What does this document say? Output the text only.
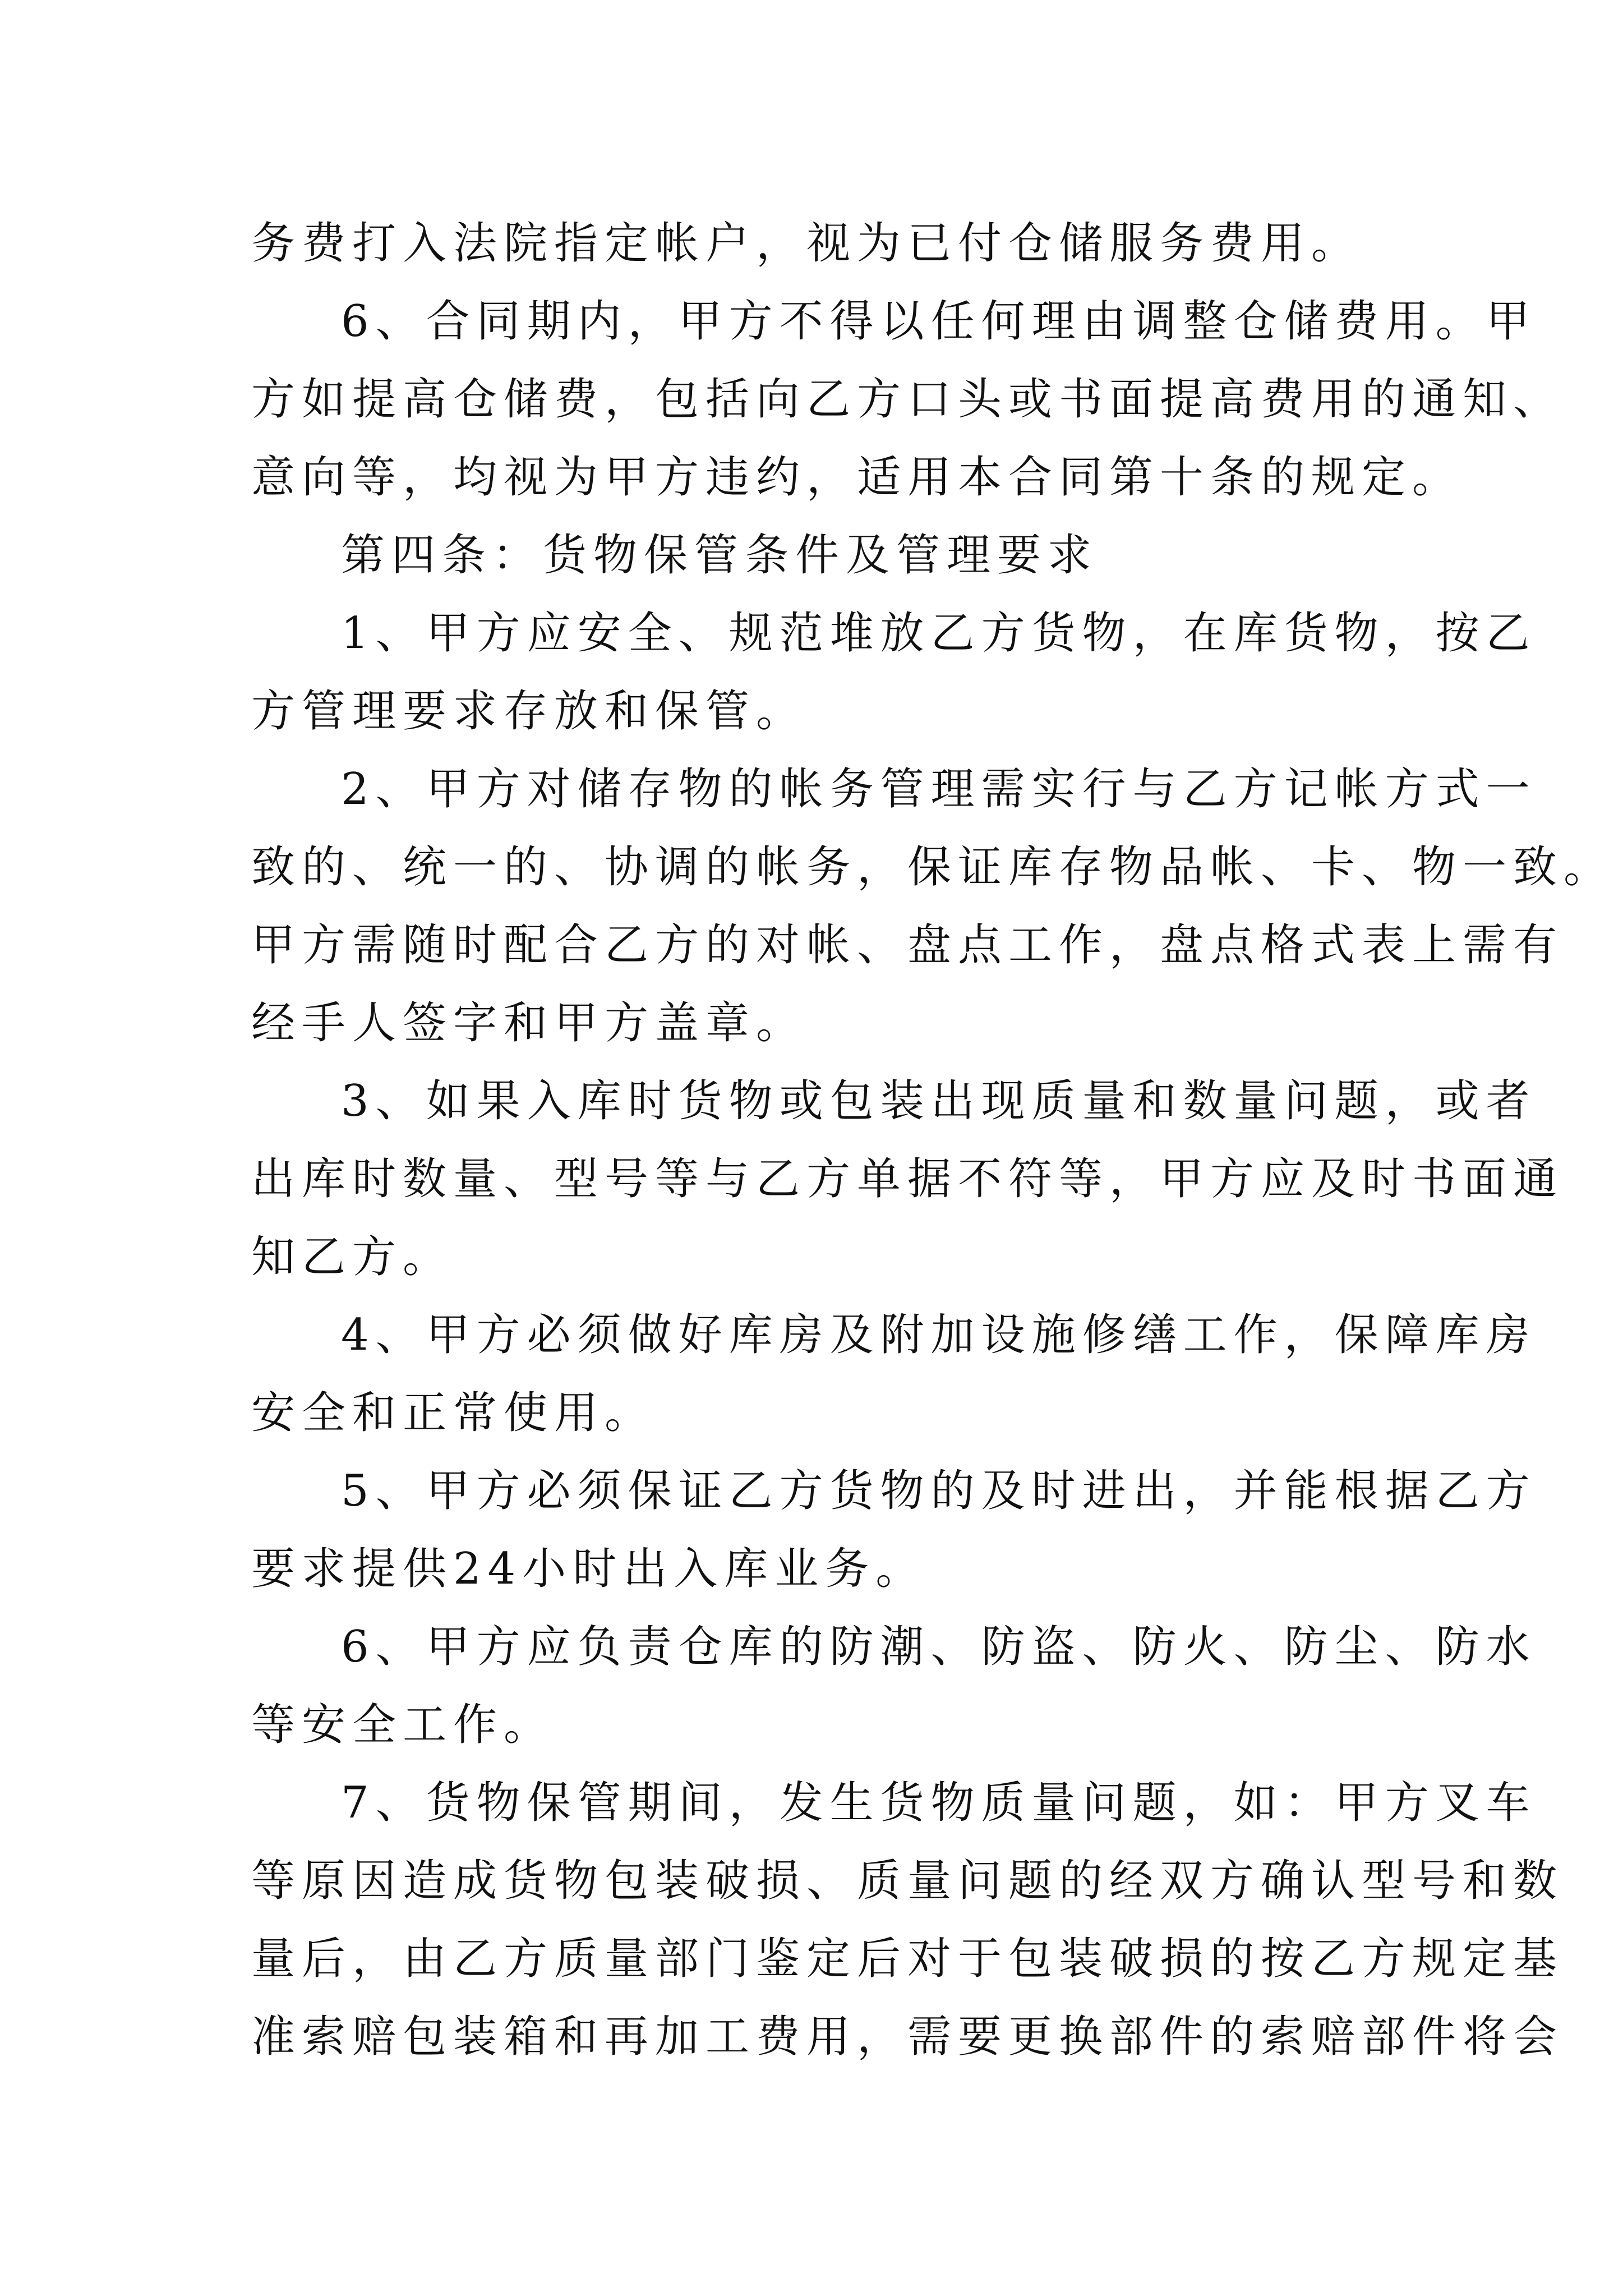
务费打入法院指定帐户，视为已付仓储服务费用。
6、合同期内，甲方不得以任何理由调整仓储费用。甲
方如提高仓储费，包括向乙方口头或书面提高费用的通知、
意向等，均视为甲方违约，适用本合同第十条的规定。
第四条：货物保管条件及管理要求
1、甲方应安全、规范堆放乙方货物，在库货物，按乙
方管理要求存放和保管。
2、甲方对储存物的帐务管理需实行与乙方记帐方式一
致的、统一的、协调的帐务，保证库存物品帐、卡、物一致。
甲方需随时配合乙方的对帐、盘点工作，盘点格式表上需有
经手人签字和甲方盖章。
3、如果入库时货物或包装出现质量和数量问题，或者
出库时数量、型号等与乙方单据不符等，甲方应及时书面通
知乙方。
4、甲方必须做好库房及附加设施修缮工作，保障库房
安全和正常使用。
5、甲方必须保证乙方货物的及时进出，并能根据乙方
要求提供24小时出入库业务。
6、甲方应负责仓库的防潮、防盗、防火、防尘、防水
等安全工作。
7、货物保管期间，发生货物质量问题，如：甲方叉车
等原因造成货物包装破损、质量问题的经双方确认型号和数
量后，由乙方质量部门鉴定后对于包装破损的按乙方规定基
准索赔包装箱和再加工费用，需要更换部件的索赔部件将会
